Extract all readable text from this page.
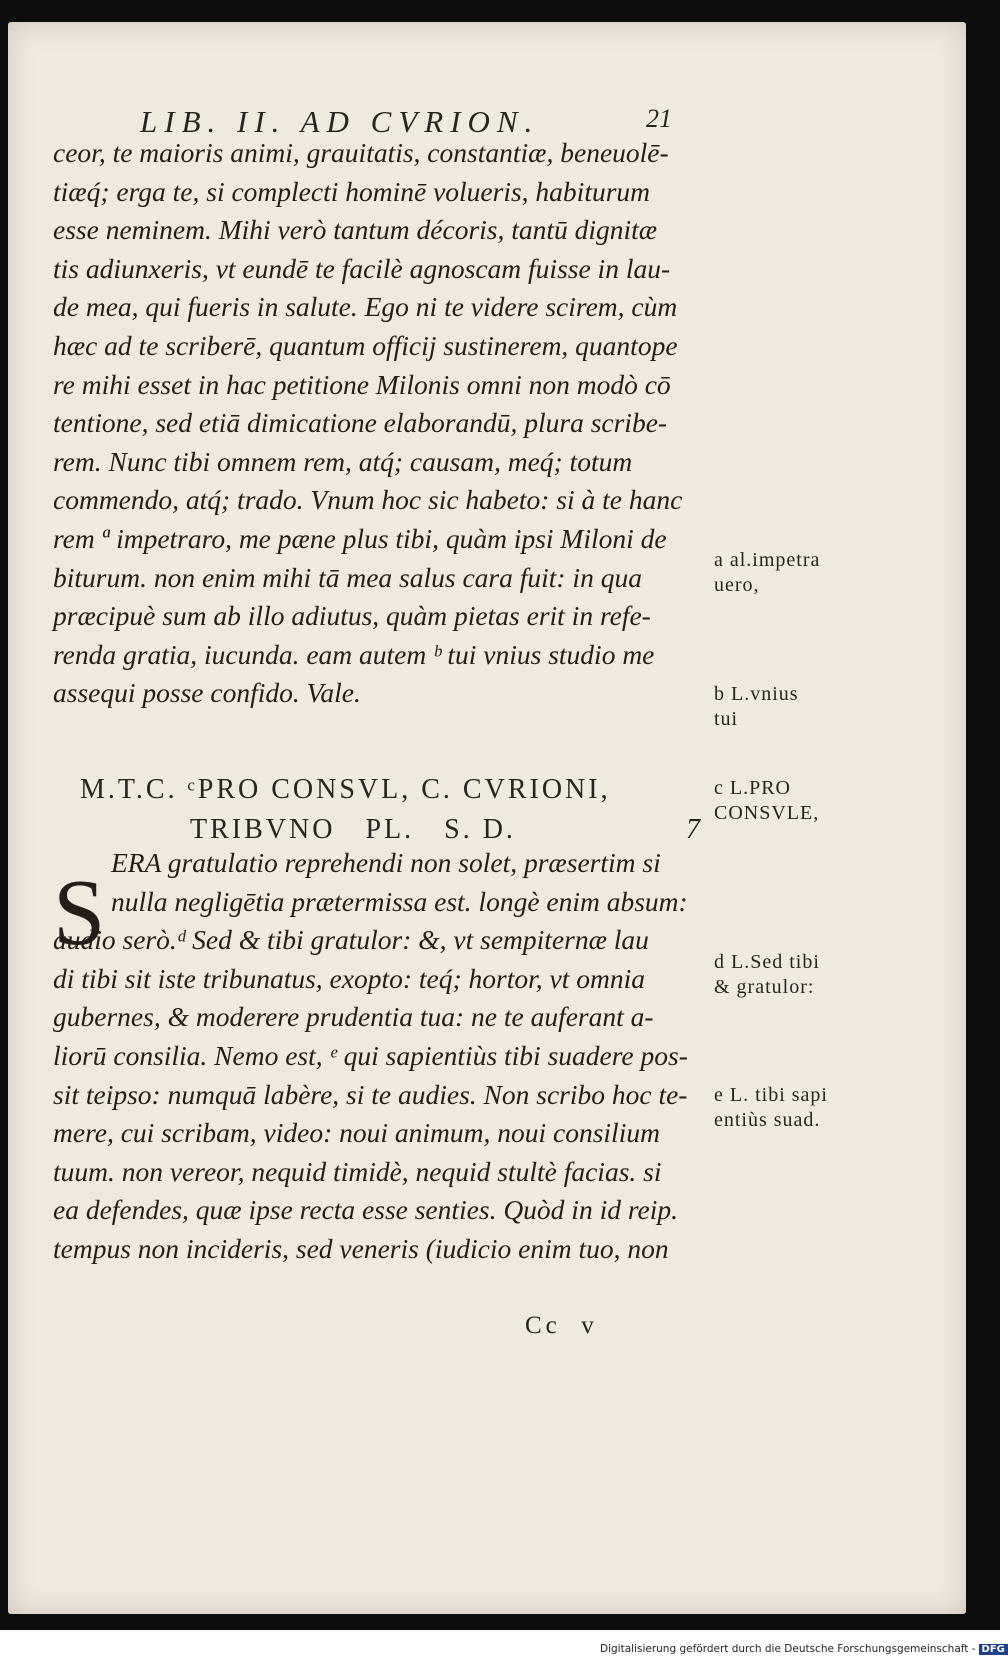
LIB. II. AD CVRION.	21
ceor, te maioris animi, grauitatis, constantiæ, beneuolē-
tiæq́; erga te, si complecti hominē volueris, habiturum
esse neminem. Mihi verò tantum décoris, tantū dignitæ
tis adiunxeris, vt eundē te facilè agnoscam fuisse in lau-
de mea, qui fueris in salute. Ego ni te videre scirem, cùm
hæc ad te scriberē, quantum officij sustinerem, quantope
re mihi esset in hac petitione Milonis omni non modò cō
tentione, sed etiā dimicatione elaborandū, plura scribe-
rem. Nunc tibi omnem rem, atq́; causam, meq́; totum
commendo, atq́; trado. Vnum hoc sic habeto: si à te hanc
rem ª impetraro, me pæne plus tibi, quàm ipsi Miloni de
biturum. non enim mihi tā mea salus cara fuit: in qua
præcipuè sum ab illo adiutus, quàm pietas erit in refe-
renda gratia, iucunda. eam autem ᵇ tui vnius studio me
assequi posse confido. Vale.
M.T.C. ᶜPRO CONSVL, C. CVRIONI,
TRIBVNO   PL.   S. D.	7
S ERA gratulatio reprehendi non solet, præsertim si
nulla negligētia prætermissa est. longè enim absum:
audio serò.ᵈ Sed & tibi gratulor: &, vt sempiternæ lau
di tibi sit iste tribunatus, exopto: teq́; hortor, vt omnia
gubernes, & moderere prudentia tua: ne te auferant a-
liorū consilia. Nemo est, ᵉ qui sapientiùs tibi suadere pos-
sit teipso: numquā labère, si te audies. Non scribo hoc te-
mere, cui scribam, video: noui animum, noui consilium
tuum. non vereor, nequid timidè, nequid stultè facias. si
ea defendes, quæ ipse recta esse senties. Quòd in id reip.
tempus non incideris, sed veneris (iudicio enim tuo, non
a al.impetra
uero,
b L.vnius
tui
c L.PRO
CONSVLE,
d L.Sed tibi
& gratulor:
e L. tibi sapi
entiùs suad.
Cc  v
Digitalisierung gefördert durch die Deutsche Forschungsgemeinschaft - DFG
